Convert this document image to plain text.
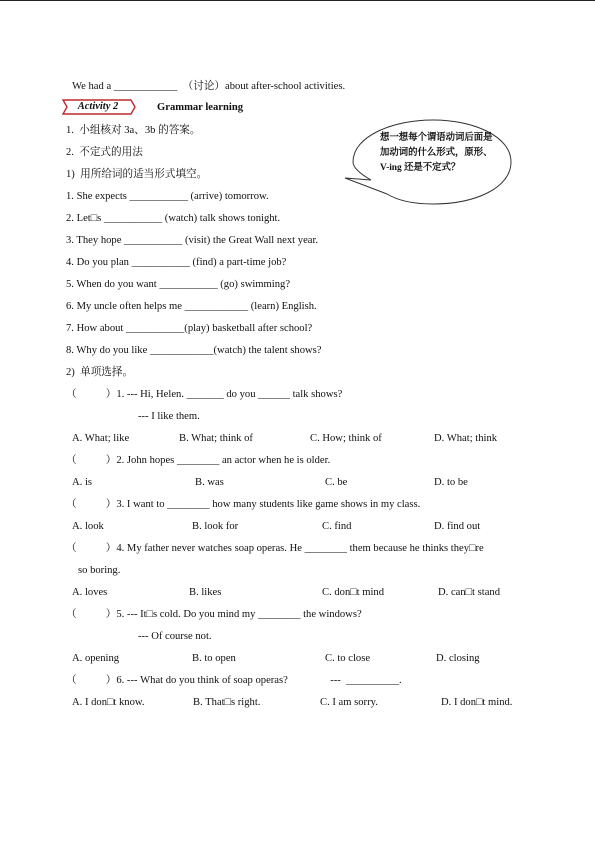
We had a ____________  （讨论）about after-school activities.
Activity 2	Grammar learning
1.  小组核对 3a、3b 的答案。
2.  不定式的用法
1)  用所给词的适当形式填空。
1. She expects ___________ (arrive) tomorrow.
2. Let□s ___________ (watch) talk shows tonight.
3. They hope ___________ (visit) the Great Wall next year.
4. Do you plan ___________ (find) a part-time job?
5. When do you want ___________ (go) swimming?
6. My uncle often helps me ____________ (learn) English.
7. How about ___________(play) basketball after school?
8. Why do you like ____________(watch) the talent shows?
2)  单项选择。
（           ）1. --- Hi, Helen. _______ do you ______ talk shows?
--- I like them.
A. What; like	B. What; think of	C. How; think of	D. What; think
（           ）2. John hopes ________ an actor when he is older.
A. is	B. was	C. be	D. to be
（           ）3. I want to ________ how many students like game shows in my class.
A. look	B. look for	C. find	D. find out
（           ）4. My father never watches soap operas. He ________ them because he thinks they□re
so boring.
A. loves	B. likes	C. don□t mind	D. can□t stand
（           ）5. --- It□s cold. Do you mind my ________ the windows?
--- Of course not.
A. opening	B. to open	C. to close	D. closing
（           ）6. --- What do you think of soap operas?                ---  __________.
A. I don□t know.	B. That□s right.	C. I am sorry.	D. I don□t mind.
想一想每个谓语动词后面是加动词的什么形式，原形、V-ing 还是不定式？
